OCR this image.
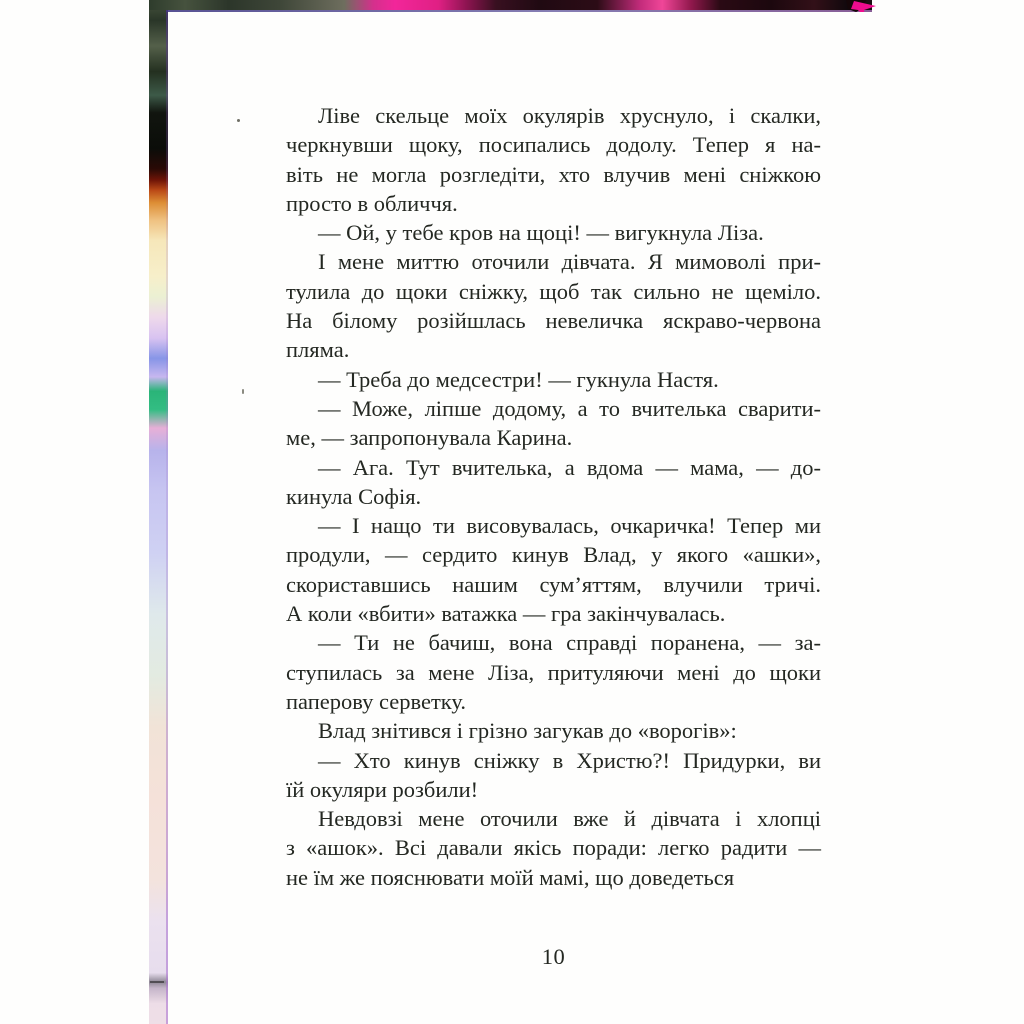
Ліве скельце моїх окулярів хруснуло, і скалки,
черкнувши щоку, посипались додолу. Тепер я на-
віть не могла розгледіти, хто влучив мені сніжкою
просто в обличчя.
— Ой, у тебе кров на щоці! — вигукнула Ліза.
І мене миттю оточили дівчата. Я мимоволі при-
тулила до щоки сніжку, щоб так сильно не щеміло.
На білому розійшлась невеличка яскраво-червона
пляма.
— Треба до медсестри! — гукнула Настя.
— Може, ліпше додому, а то вчителька сварити-
ме, — запропонувала Карина.
— Ага. Тут вчителька, а вдома — мама, — до-
кинула Софія.
— І нащо ти висовувалась, очкаричка! Тепер ми
продули, — сердито кинув Влад, у якого «ашки»,
скориставшись нашим сум’яттям, влучили тричі.
А коли «вбити» ватажка — гра закінчувалась.
— Ти не бачиш, вона справді поранена, — за-
ступилась за мене Ліза, притуляючи мені до щоки
паперову серветку.
Влад знітився і грізно загукав до «ворогів»:
— Хто кинув сніжку в Христю?! Придурки, ви
їй окуляри розбили!
Невдовзі мене оточили вже й дівчата і хлопці
з «ашок». Всі давали якісь поради: легко радити —
не їм же пояснювати моїй мамі, що доведеться
10
